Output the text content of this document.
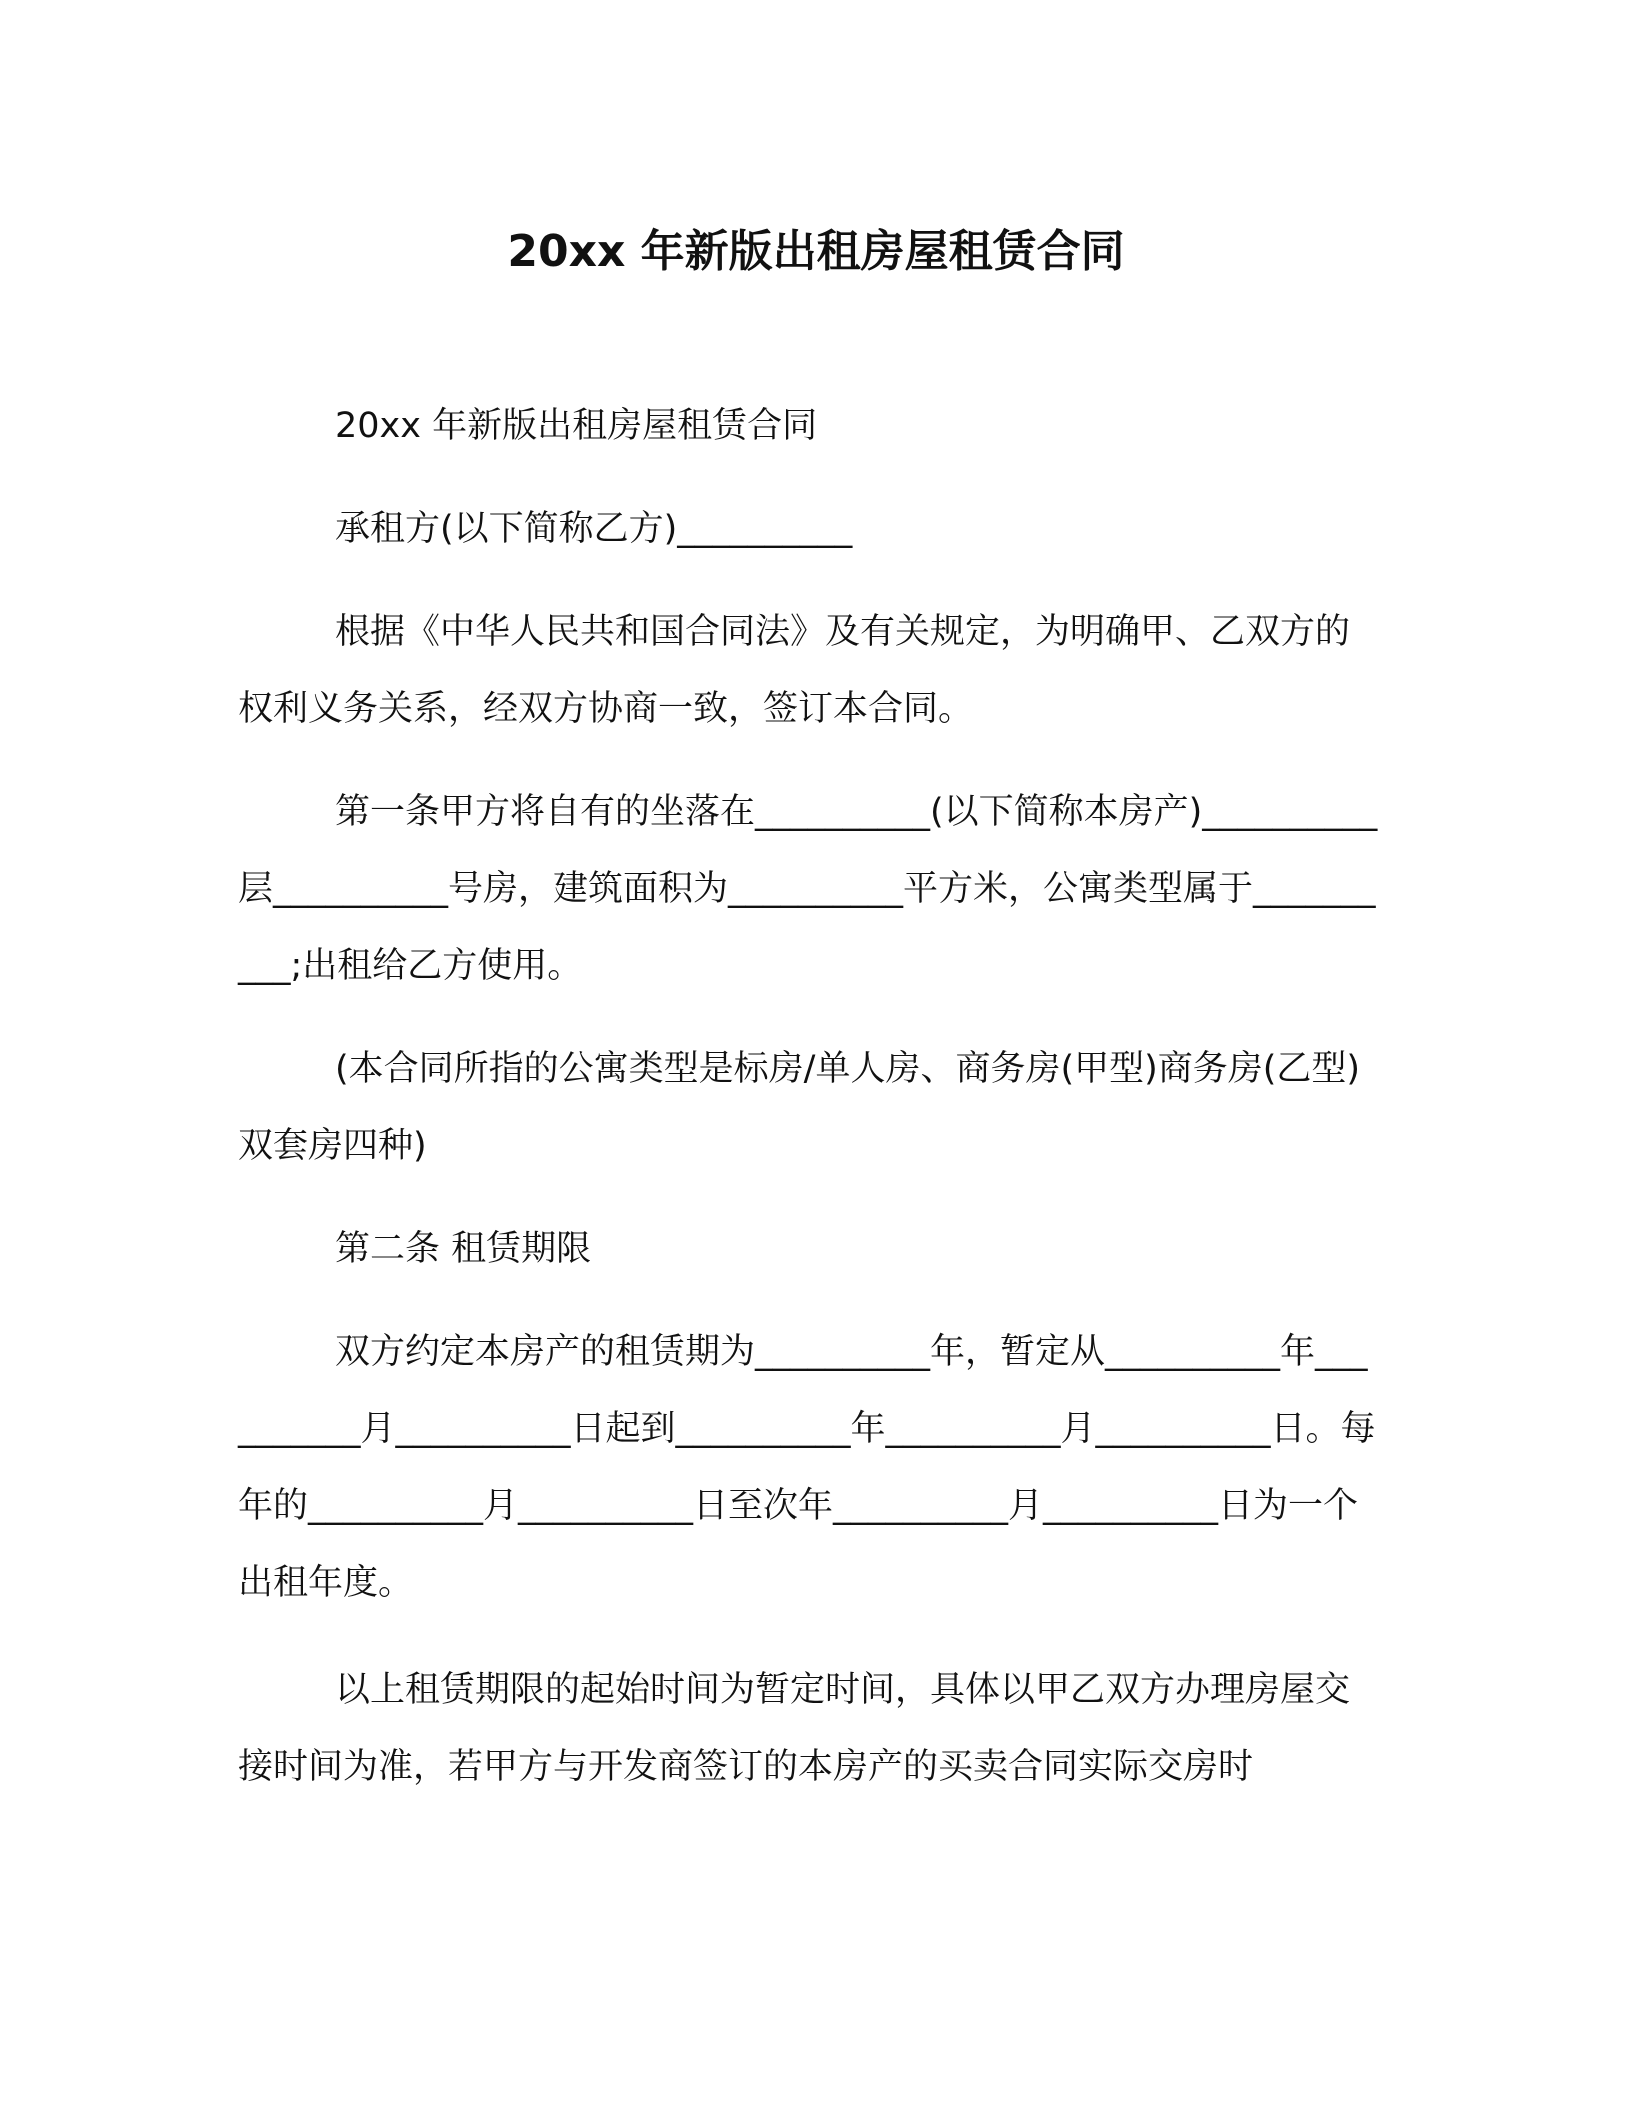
20xx 年新版出租房屋租赁合同

20xx 年新版出租房屋租赁合同

承租方(以下简称乙方)__________

根据《中华人民共和国合同法》及有关规定，为明确甲、乙双方的权利义务关系，经双方协商一致，签订本合同。

第一条甲方将自有的坐落在__________(以下简称本房产)__________层__________号房，建筑面积为__________平方米，公寓类型属于__________;出租给乙方使用。

(本合同所指的公寓类型是标房/单人房、商务房(甲型)商务房(乙型)双套房四种)

第二条 租赁期限

双方约定本房产的租赁期为__________年，暂定从__________年__________月__________日起到__________年__________月__________日。每年的__________月__________日至次年__________月__________日为一个出租年度。

以上租赁期限的起始时间为暂定时间，具体以甲乙双方办理房屋交接时间为准，若甲方与开发商签订的本房产的买卖合同实际交房时
